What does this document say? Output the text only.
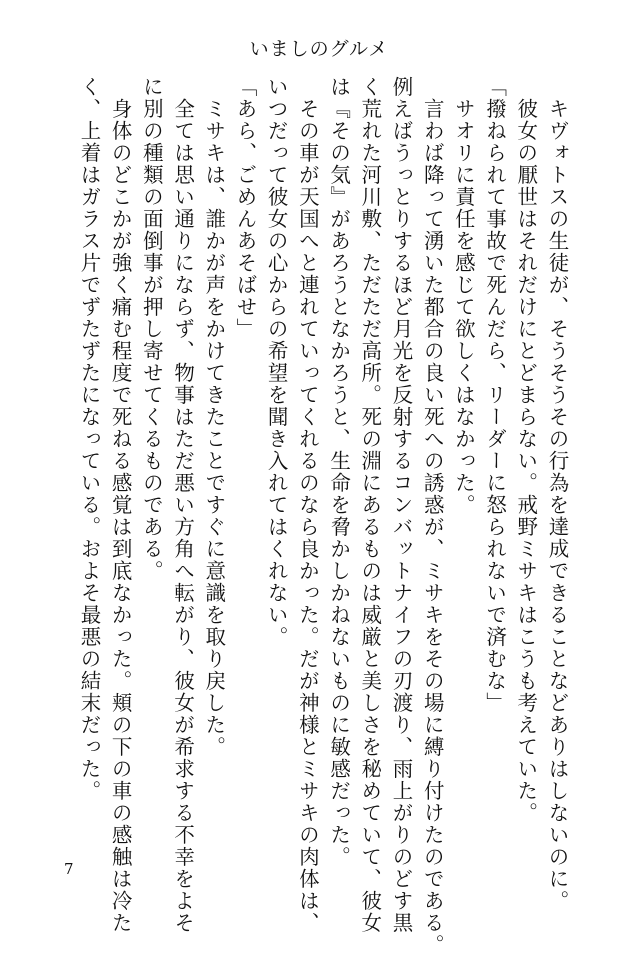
いましのグルメ
　キヴォトスの生徒が、そうそうその行為を達成できることなどありはしないのに。
　彼女の厭世はそれだけにとどまらない。戒野ミサキはこうも考えていた。
「撥ねられて事故で死んだら、リーダーに怒られないで済むな」
　サオリに責任を感じて欲しくはなかった。
　言わば降って湧いた都合の良い死への誘惑が、ミサキをその場に縛り付けたのである。
例えばうっとりするほど月光を反射するコンバットナイフの刃渡り、雨上がりのどす黒
く荒れた河川敷、ただただ高所。死の淵にあるものは威厳と美しさを秘めていて、彼女
は『その気』があろうとなかろうと、生命を脅かしかねないものに敏感だった。
　その車が天国へと連れていってくれるのなら良かった。だが神様とミサキの肉体は、
いつだって彼女の心からの希望を聞き入れてはくれない。
「あら、ごめんあそばせ」
　ミサキは、誰かが声をかけてきたことですぐに意識を取り戻した。
　全ては思い通りにならず、物事はただ悪い方角へ転がり、彼女が希求する不幸をよそ
に別の種類の面倒事が押し寄せてくるものである。
　身体のどこかが強く痛む程度で死ねる感覚は到底なかった。頬の下の車の感触は冷た
く、上着はガラス片でずたずたになっている。およそ最悪の結末だった。
7
